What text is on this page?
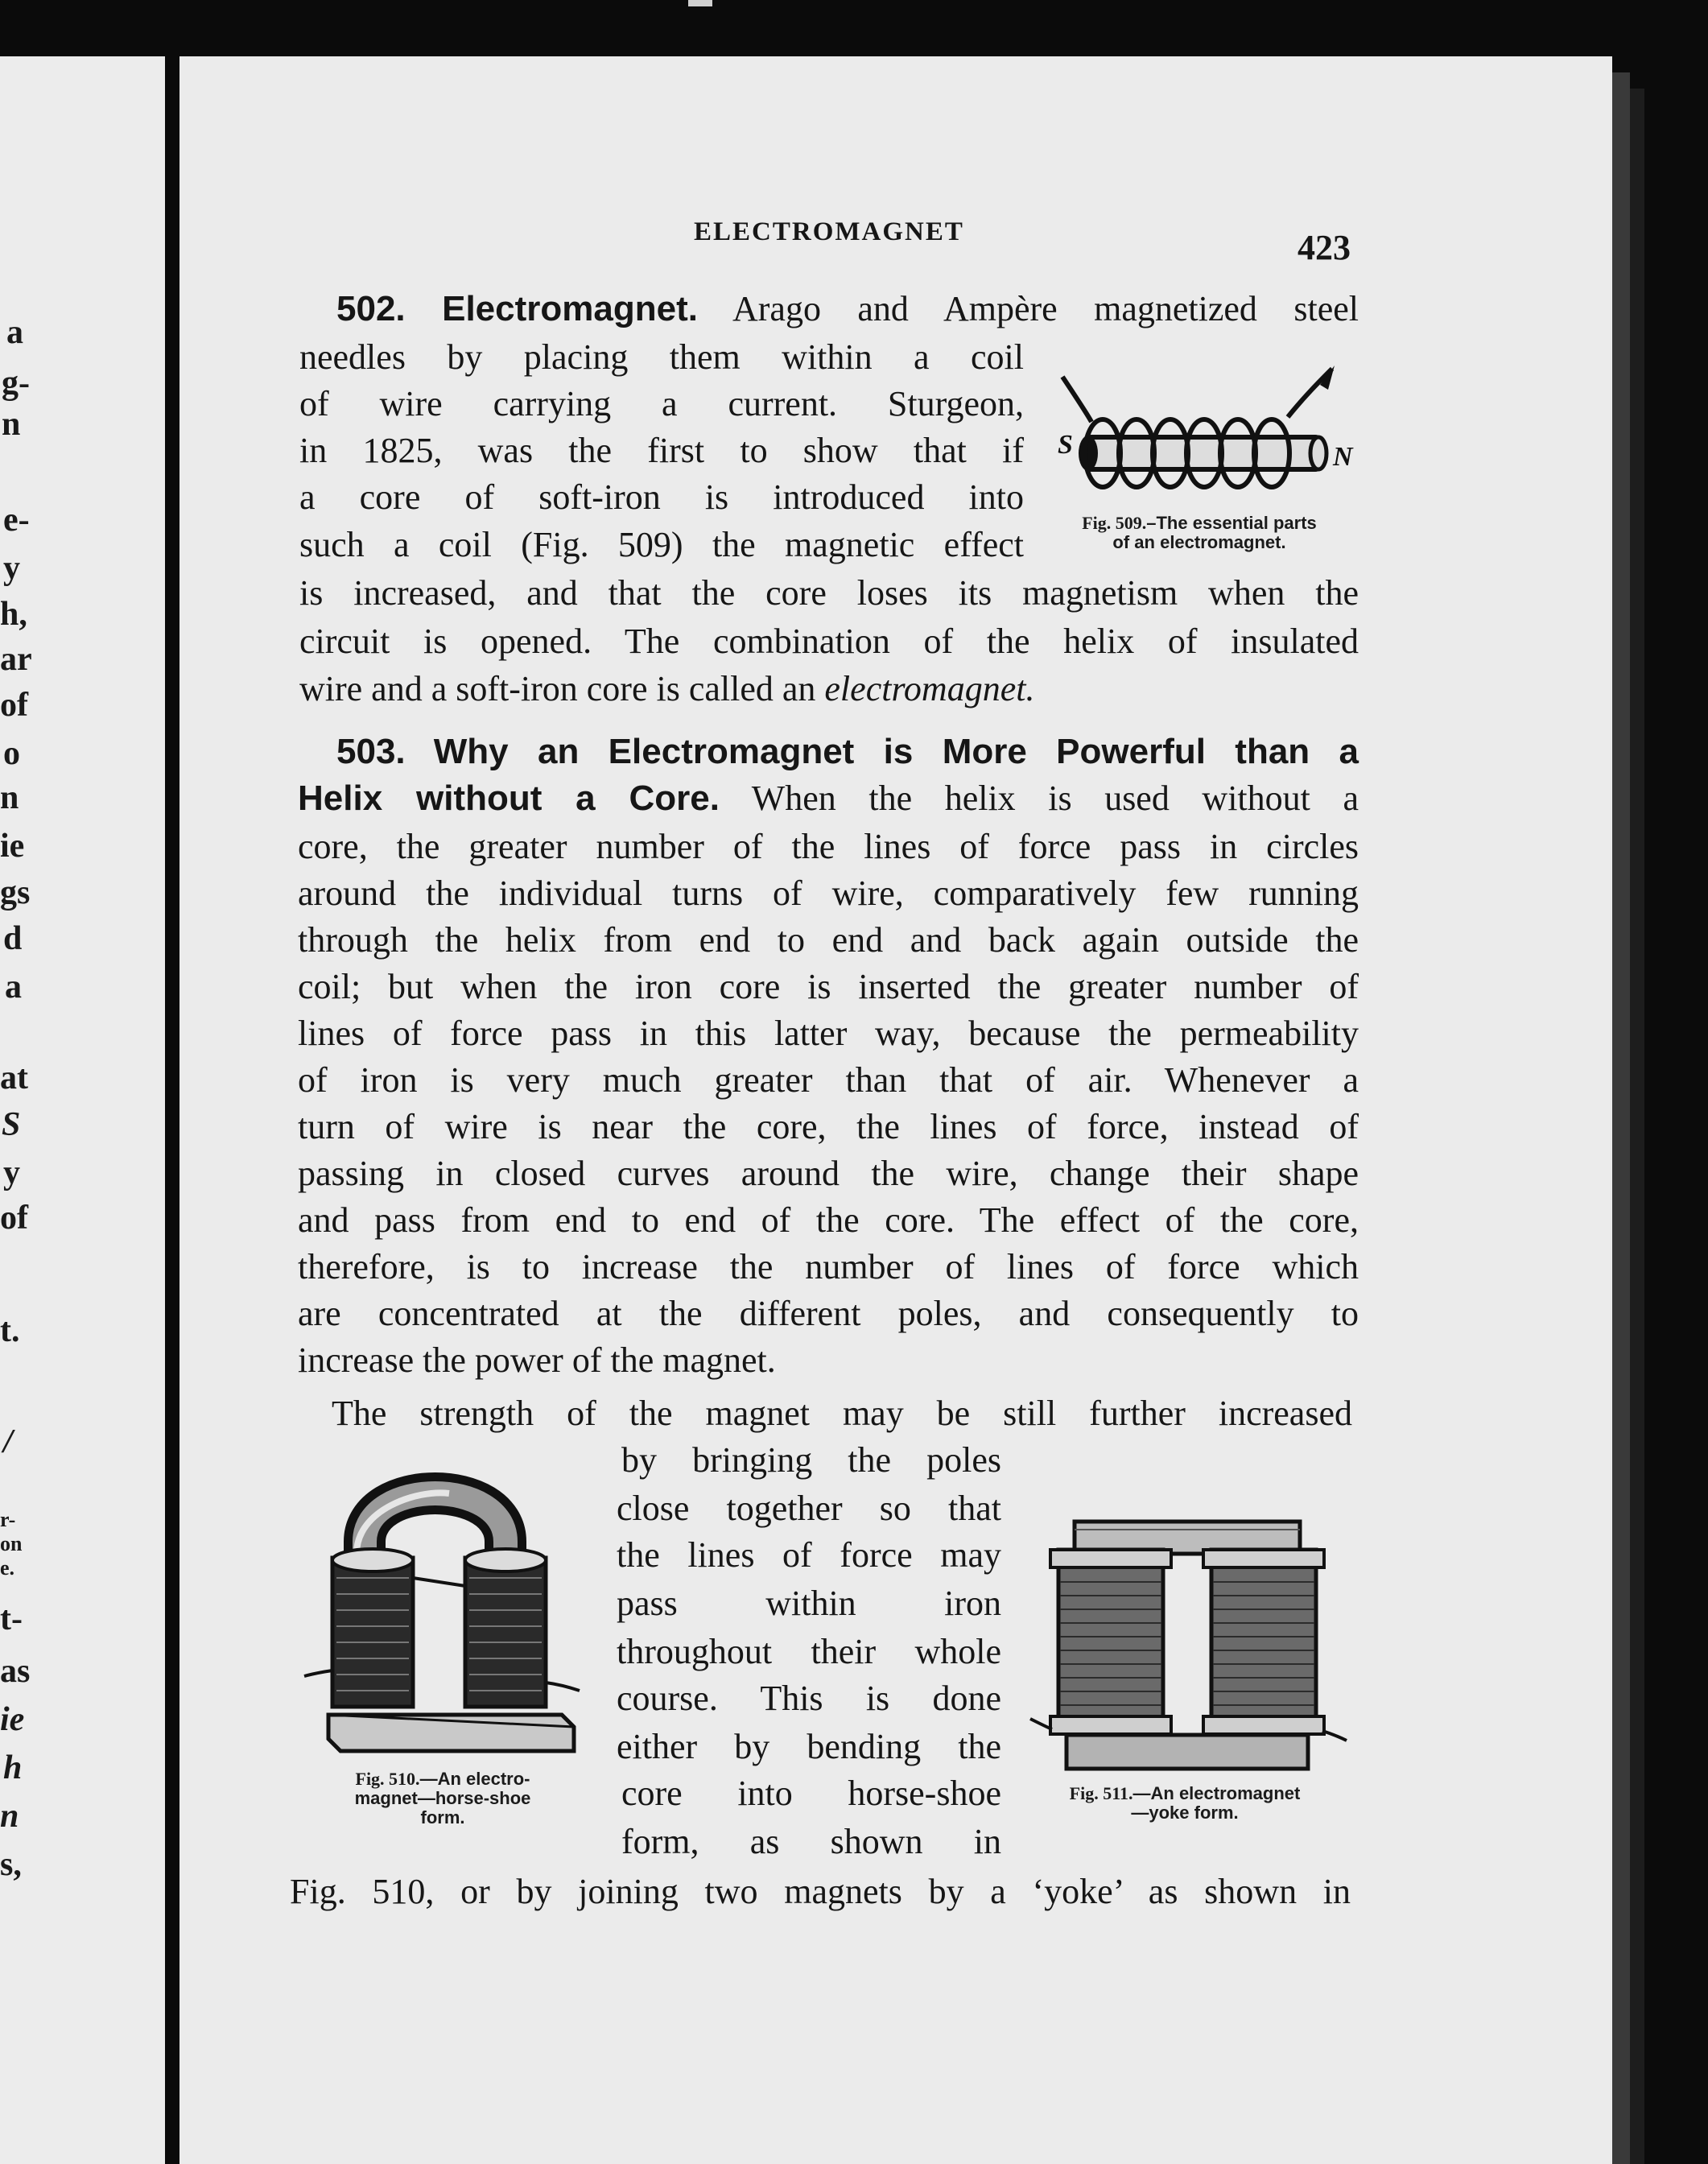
a
g-
n
e-
y
h,
ar
of
o
n
ie
gs
d
a
at
S
y
of
t.
/
r-
on
e.
t-
as
ie
h
n
s,
ELECTROMAGNET	423
502. Electromagnet. Arago and Ampère magnetized steel
needles by placing them within a coil
of wire carrying a current. Sturgeon,
in 1825, was the first to show that if
a core of soft-iron is introduced into
such a coil (Fig. 509) the magnetic effect
is increased, and that the core loses its magnetism when the
circuit is opened. The combination of the helix of insulated
wire and a soft-iron core is called an electromagnet.
S	N
Fig. 509.–The essential parts
of an electromagnet.
503. Why an Electromagnet is More Powerful than a
Helix without a Core. When the helix is used without a
core, the greater number of the lines of force pass in circles
around the individual turns of wire, comparatively few running
through the helix from end to end and back again outside the
coil; but when the iron core is inserted the greater number of
lines of force pass in this latter way, because the permeability
of iron is very much greater than that of air. Whenever a
turn of wire is near the core, the lines of force, instead of
passing in closed curves around the wire, change their shape
and pass from end to end of the core. The effect of the core,
therefore, is to increase the number of lines of force which
are concentrated at the different poles, and consequently to
increase the power of the magnet.
The strength of the magnet may be still further increased
by bringing the poles
close together so that
the lines of force may
pass within iron
throughout their whole
course. This is done
either by bending the
core into horse-shoe
form, as shown in
Fig. 510, or by joining two magnets by a ‘yoke’ as shown in
Fig. 510.—An electro-
magnet—horse-shoe
form.
Fig. 511.—An electromagnet
—yoke form.
